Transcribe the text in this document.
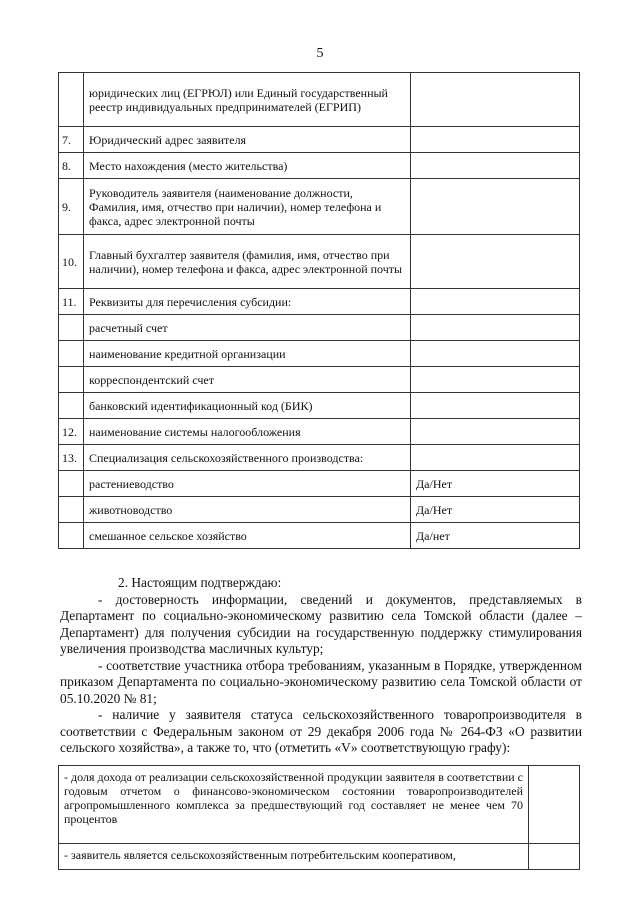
5
	юридических лиц (ЕГРЮЛ) или Единый государственный реестр индивидуальных предпринимателей (ЕГРИП)	
7.	Юридический адрес заявителя	
8.	Место нахождения (место жительства)	
9.	Руководитель заявителя (наименование должности, Фамилия, имя, отчество при наличии), номер телефона и факса, адрес электронной почты	
10.	Главный бухгалтер заявителя (фамилия, имя, отчество при наличии), номер телефона и факса, адрес электронной почты	
11.	Реквизиты для перечисления субсидии:	
	расчетный счет	
	наименование кредитной организации	
	корреспондентский счет	
	банковский идентификационный код (БИК)	
12.	наименование системы налогообложения	
13.	Специализация сельскохозяйственного производства:	
	растениеводство	Да/Нет
	животноводство	Да/Нет
	смешанное сельское хозяйство	Да/нет

2. Настоящим подтверждаю:

- достоверность информации, сведений и документов, представляемых в Департамент по социально-экономическому развитию села Томской области (далее – Департамент) для получения субсидии на государственную поддержку стимулирования увеличения производства масличных культур;

- соответствие участника отбора требованиям, указанным в Порядке, утвержденном приказом Департамента по социально-экономическому развитию села Томской области от 05.10.2020 № 81;

- наличие у заявителя статуса сельскохозяйственного товаропроизводителя в соответствии с Федеральным законом от 29 декабря 2006 года № 264-ФЗ «О развитии сельского хозяйства», а также то, что (отметить «V» соответствующую графу):

- доля дохода от реализации сельскохозяйственной продукции заявителя в соответствии с годовым отчетом о финансово-экономическом состоянии товаропроизводителей агропромышленного комплекса за предшествующий год составляет не менее чем 70 процентов	
- заявитель является сельскохозяйственным потребительским кооперативом,	
